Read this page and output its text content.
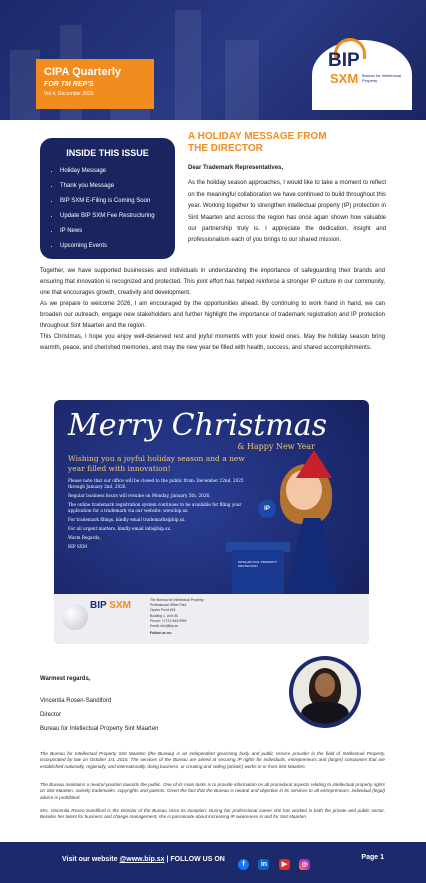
CIPA Quarterly
FOR TM REP'S
Vol 4, December 2025
BIP
SXM Bureau for Intellectual Property
INSIDE THIS ISSUE
• Holiday Message
• Thank you Message
• BIP SXM E-Filing is Coming Soon
• Update BIP SXM Fee Restructuring
• IP News
• Upcoming Events
A HOLIDAY MESSAGE FROM
THE DIRECTOR
Dear Trademark Representatives,
As the holiday season approaches, I would like to take a moment to reflect on the meaningful collaboration we have continued to build throughout this year. Working together to strengthen intellectual property (IP) protection in Sint Maarten and across the region has once again shown how valuable our partnership truly is. I appreciate the dedication, insight and professionalism each of you brings to our shared mission.
Together, we have supported businesses and individuals in understanding the importance of safeguarding their brands and ensuring that innovation is recognized and protected. This joint effort has helped reinforce a stronger IP culture in our community, one that encourages growth, creativity and development.
As we prepare to welcome 2026, I am encouraged by the opportunities ahead. By continuing to work hand in hand, we can broaden our outreach, engage new stakeholders and further highlight the importance of trademark registration and IP protection throughout Sint Maarten and the region.
This Christmas, I hope you enjoy well-deserved rest and joyful moments with your loved ones. May the holiday season bring warmth, peace, and cherished memories, and may the new year be filled with health, success, and shared accomplishments.
Merry Christmas
& Happy New Year
Wishing you a joyful holiday season and a new year filled with innovation!

Please note that our office will be closed to the public from: December 22nd, 2025 through January 2nd, 2026.

Regular business hours will resume on Monday, January 5th, 2026.

The online trademark registration system continues to be available for filing your application for a trademark via our website: www.bip.sx.

For trademark filings, kindly email trademarks@bip.sx.

For all urgent matters, kindly email info@bip.sx.

Warm Regards,

BIP SXM

INTELLECTUAL PROPERTY PROTECTION
IP
BIP SXM	The Bureau for Intellectual Property
Professional Office Park
Oyster Pond #15
Building 1, Unit 35
Phone: +1721-543-9990
Email: info@bip.sx
Follow us on:
Warmest regards,
Vincentia Rosen-Sandiford
Director
Bureau for Intellectual Property Sint Maarten
The Bureau for Intellectual Property Sint Maarten (the Bureau) is an independent governing body and public service provider in the field of Intellectual Property, incorporated by law on October 1st, 2015. The services of the Bureau are aimed at securing IP rights for individuals, entrepreneurs and (larger) companies that are established nationally, regionally, and internationally, doing business, or creating and selling (artistic) works in or from Sint Maarten.
The Bureau maintains a neutral position towards the public. One of its main tasks is to provide information on all procedural aspects relating to intellectual property rights on Sint Maarten, namely trademarks, copyrights and patents. Given the fact that the Bureau is neutral and objective in its services to all entrepreneurs, individual (legal) advice is prohibited.
Mrs. Vincentia Rosen-Sandiford is the Director of the Bureau since its inception. During her professional career she has worked in both the private and public sector. Besides her talent for business and change management, she is passionate about increasing IP awareness in and for Sint Maarten.
Visit our website @www.bip.sx | FOLLOW US ON
f in ▶ ◎
Page 1
